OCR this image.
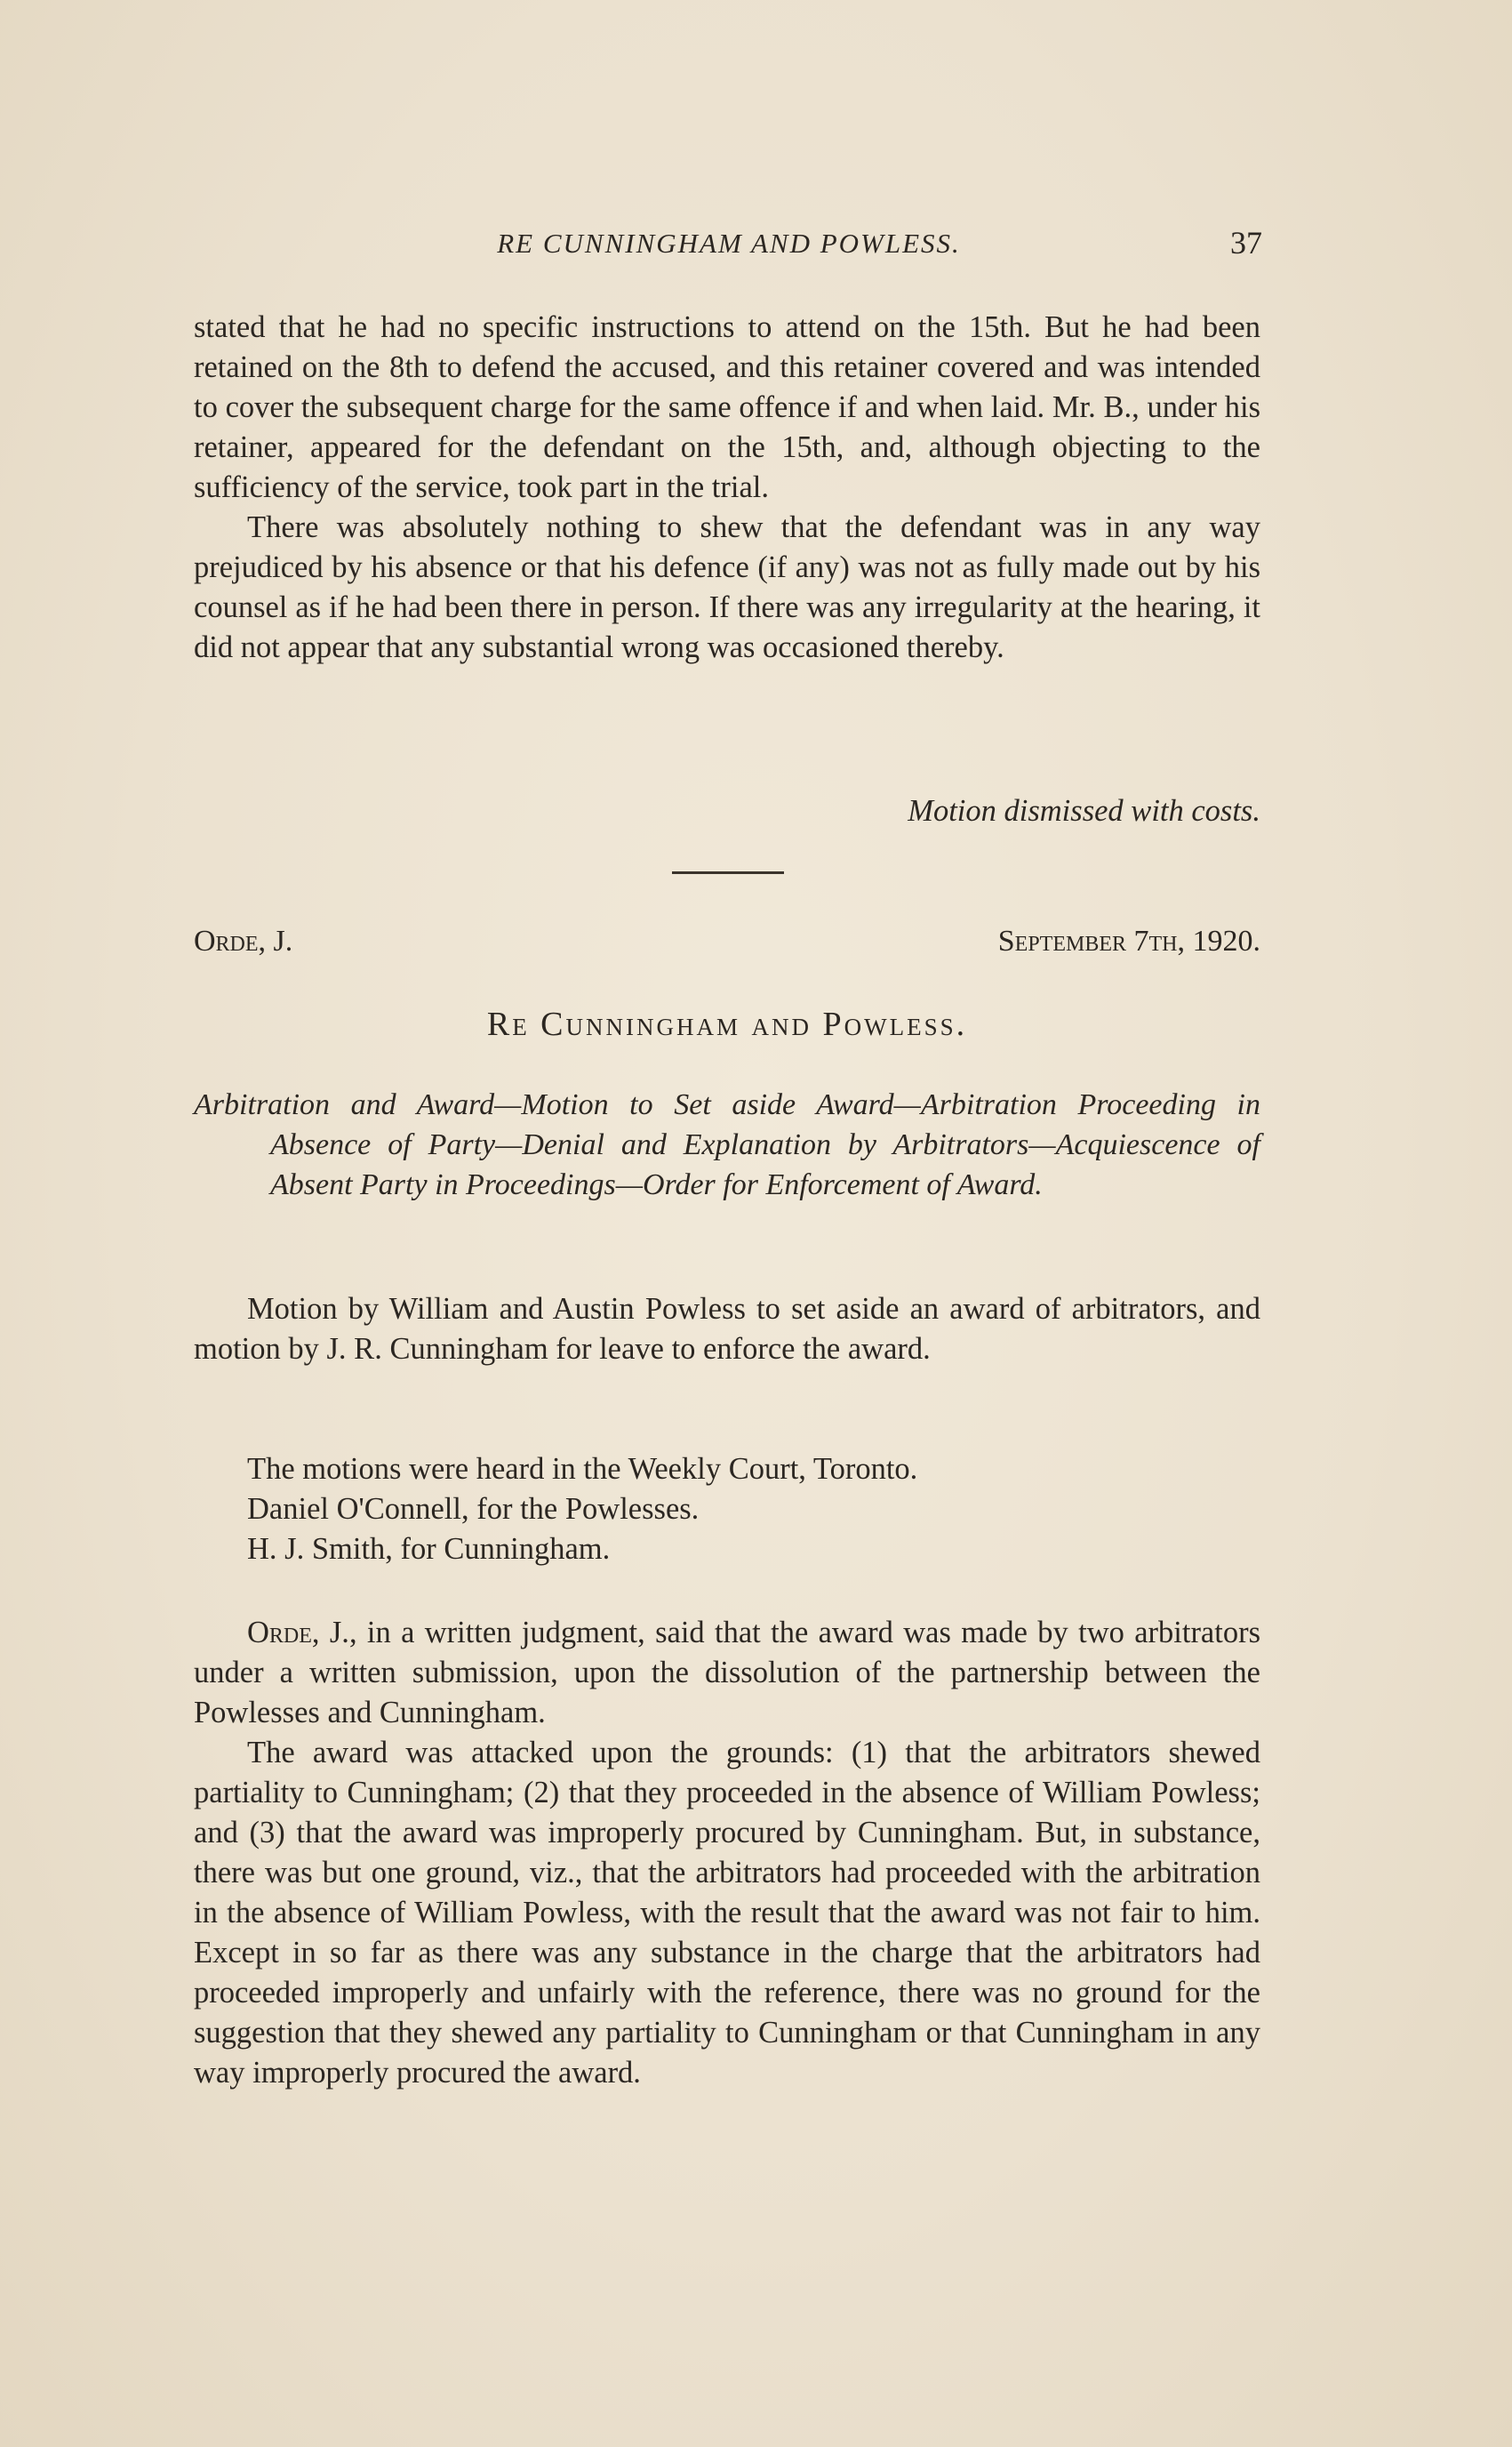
RE CUNNINGHAM AND POWLESS.	37

stated that he had no specific instructions to attend on the 15th. But he had been retained on the 8th to defend the accused, and this retainer covered and was intended to cover the subsequent charge for the same offence if and when laid. Mr. B., under his retainer, appeared for the defendant on the 15th, and, although objecting to the sufficiency of the service, took part in the trial.

There was absolutely nothing to shew that the defendant was in any way prejudiced by his absence or that his defence (if any) was not as fully made out by his counsel as if he had been there in person. If there was any irregularity at the hearing, it did not appear that any substantial wrong was occasioned thereby.

Motion dismissed with costs.
Orde, J.	September 7th, 1920.
Re Cunningham and Powless.
Arbitration and Award—Motion to Set aside Award—Arbitration Proceeding in Absence of Party—Denial and Explanation by Arbitrators—Acquiescence of Absent Party in Proceedings—Order for Enforcement of Award.
Motion by William and Austin Powless to set aside an award of arbitrators, and motion by J. R. Cunningham for leave to enforce the award.

The motions were heard in the Weekly Court, Toronto.

Daniel O'Connell, for the Powlesses.

H. J. Smith, for Cunningham.

Orde, J., in a written judgment, said that the award was made by two arbitrators under a written submission, upon the dissolution of the partnership between the Powlesses and Cunningham.

The award was attacked upon the grounds: (1) that the arbitrators shewed partiality to Cunningham; (2) that they proceeded in the absence of William Powless; and (3) that the award was improperly procured by Cunningham. But, in substance, there was but one ground, viz., that the arbitrators had proceeded with the arbitration in the absence of William Powless, with the result that the award was not fair to him. Except in so far as there was any substance in the charge that the arbitrators had proceeded improperly and unfairly with the reference, there was no ground for the suggestion that they shewed any partiality to Cunningham or that Cunningham in any way improperly procured the award.
